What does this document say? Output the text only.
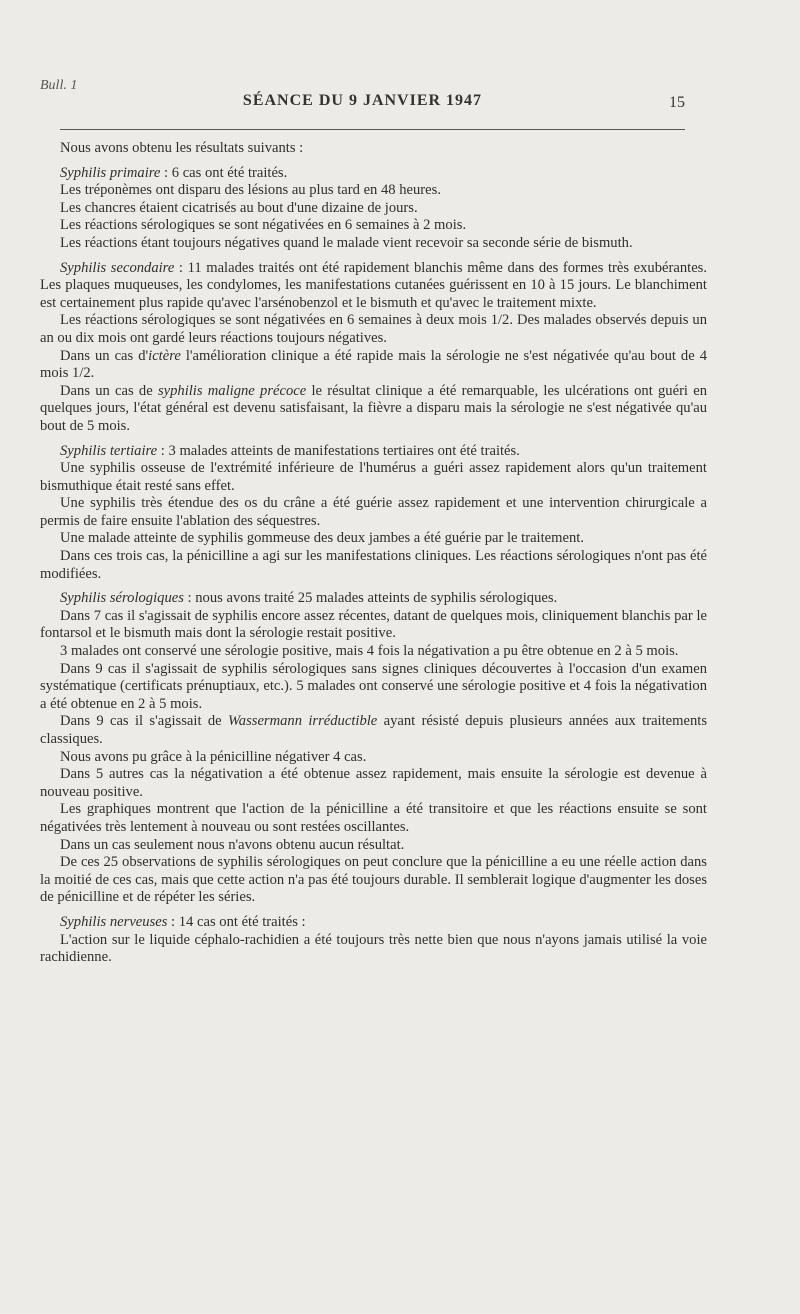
Bull. 1
SÉANCE DU 9 JANVIER 1947	15

Nous avons obtenu les résultats suivants :

Syphilis primaire : 6 cas ont été traités.

Les tréponèmes ont disparu des lésions au plus tard en 48 heures.

Les chancres étaient cicatrisés au bout d'une dizaine de jours.

Les réactions sérologiques se sont négativées en 6 semaines à 2 mois.

Les réactions étant toujours négatives quand le malade vient recevoir sa seconde série de bismuth.

Syphilis secondaire : 11 malades traités ont été rapidement blanchis même dans des formes très exubérantes. Les plaques muqueuses, les condylomes, les manifestations cutanées guérissent en 10 à 15 jours. Le blanchiment est certainement plus rapide qu'avec l'arsénobenzol et le bismuth et qu'avec le traitement mixte.

Les réactions sérologiques se sont négativées en 6 semaines à deux mois 1/2. Des malades observés depuis un an ou dix mois ont gardé leurs réactions toujours négatives.

Dans un cas d'ictère l'amélioration clinique a été rapide mais la sérologie ne s'est négativée qu'au bout de 4 mois 1/2.

Dans un cas de syphilis maligne précoce le résultat clinique a été remarquable, les ulcérations ont guéri en quelques jours, l'état général est devenu satisfaisant, la fièvre a disparu mais la sérologie ne s'est négativée qu'au bout de 5 mois.

Syphilis tertiaire : 3 malades atteints de manifestations tertiaires ont été traités.

Une syphilis osseuse de l'extrémité inférieure de l'humérus a guéri assez rapidement alors qu'un traitement bismuthique était resté sans effet.

Une syphilis très étendue des os du crâne a été guérie assez rapidement et une intervention chirurgicale a permis de faire ensuite l'ablation des séquestres.

Une malade atteinte de syphilis gommeuse des deux jambes a été guérie par le traitement.

Dans ces trois cas, la pénicilline a agi sur les manifestations cliniques. Les réactions sérologiques n'ont pas été modifiées.

Syphilis sérologiques : nous avons traité 25 malades atteints de syphilis sérologiques.

Dans 7 cas il s'agissait de syphilis encore assez récentes, datant de quelques mois, cliniquement blanchis par le fontarsol et le bismuth mais dont la sérologie restait positive.

3 malades ont conservé une sérologie positive, mais 4 fois la négativation a pu être obtenue en 2 à 5 mois.

Dans 9 cas il s'agissait de syphilis sérologiques sans signes cliniques découvertes à l'occasion d'un examen systématique (certificats prénuptiaux, etc.). 5 malades ont conservé une sérologie positive et 4 fois la négativation a été obtenue en 2 à 5 mois.

Dans 9 cas il s'agissait de Wassermann irréductible ayant résisté depuis plusieurs années aux traitements classiques.

Nous avons pu grâce à la pénicilline négativer 4 cas.

Dans 5 autres cas la négativation a été obtenue assez rapidement, mais ensuite la sérologie est devenue à nouveau positive.

Les graphiques montrent que l'action de la pénicilline a été transitoire et que les réactions ensuite se sont négativées très lentement à nouveau ou sont restées oscillantes.

Dans un cas seulement nous n'avons obtenu aucun résultat.

De ces 25 observations de syphilis sérologiques on peut conclure que la pénicilline a eu une réelle action dans la moitié de ces cas, mais que cette action n'a pas été toujours durable. Il semblerait logique d'augmenter les doses de pénicilline et de répéter les séries.

Syphilis nerveuses : 14 cas ont été traités :

L'action sur le liquide céphalo-rachidien a été toujours très nette bien que nous n'ayons jamais utilisé la voie rachidienne.
